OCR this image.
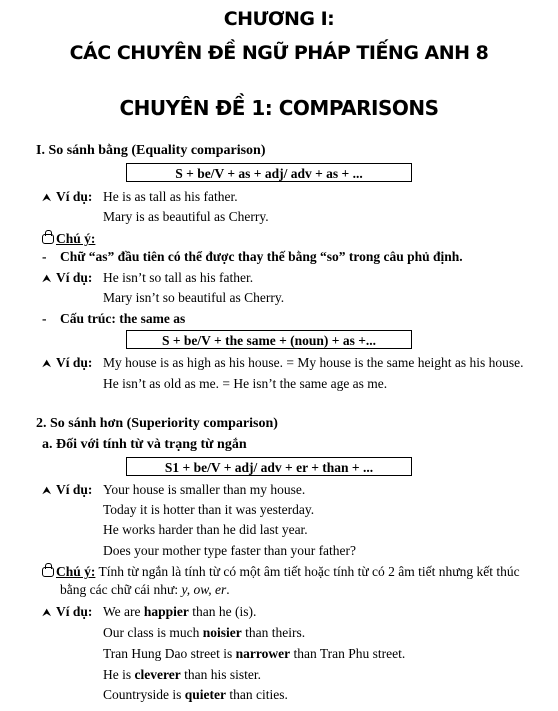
CHƯƠNG I:
CÁC CHUYÊN ĐỀ NGỮ PHÁP TIẾNG ANH 8
CHUYÊN ĐỀ 1: COMPARISONS
I. So sánh bằng (Equality comparison)
S + be/V + as + adj/ adv + as + ...
⮝ Ví dụ: He is as tall as his father.
Mary is as beautiful as Cherry.
Chú ý:
- Chữ “as” đầu tiên có thể được thay thế bằng “so” trong câu phủ định.
⮝ Ví dụ: He isn’t so tall as his father.
Mary isn’t so beautiful as Cherry.
- Cấu trúc: the same as
S + be/V + the same + (noun) + as +...
⮝ Ví dụ: My house is as high as his house. = My house is the same height as his house.
He isn’t as old as me. = He isn’t the same age as me.
2. So sánh hơn (Superiority comparison)
a. Đối với tính từ và trạng từ ngắn
S1 + be/V + adj/ adv + er + than + ...
⮝ Ví dụ: Your house is smaller than my house.
Today it is hotter than it was yesterday.
He works harder than he did last year.
Does your mother type faster than your father?
Chú ý: Tính từ ngắn là tính từ có một âm tiết hoặc tính từ có 2 âm tiết nhưng kết thúc
bằng các chữ cái như: y, ow, er.
⮝ Ví dụ: We are happier than he (is).
Our class is much noisier than theirs.
Tran Hung Dao street is narrower than Tran Phu street.
He is cleverer than his sister.
Countryside is quieter than cities.
